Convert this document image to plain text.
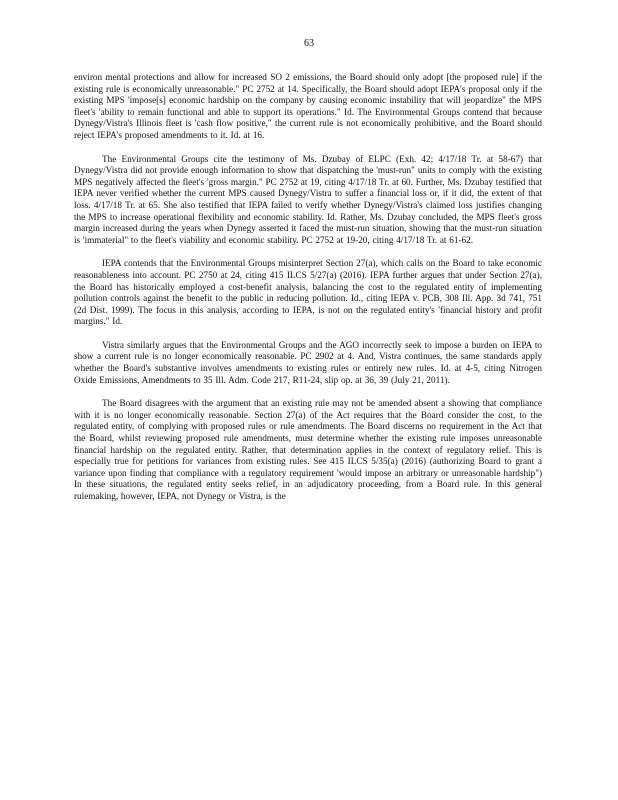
63

environ mental protections and allow for increased SO 2 emissions, the Board should only adopt [the proposed rule] if the existing rule is economically unreasonable." PC 2752 at 14. Specifically, the Board should adopt IEPA's proposal only if the existing MPS 'impose[s] economic hardship on the company by causing economic instability that will jeopardize" the MPS fleet's 'ability to remain functional and able to support its operations." Id. The Environmental Groups contend that because Dynegy/Vistra's Illinois fleet is 'cash flow positive," the current rule is not economically prohibitive, and the Board should reject IEPA's proposed amendments to it. Id. at 16.

The Environmental Groups cite the testimony of Ms. Dzubay of ELPC (Exh. 42; 4/17/18 Tr. at 58-67) that Dynegy/Vistra did not provide enough information to show that dispatching the 'must-run" units to comply with the existing MPS negatively affected the fleet's 'gross margin." PC 2752 at 19, citing 4/17/18 Tr. at 60. Further, Ms. Dzubay testified that IEPA never verified whether the current MPS caused Dynegy/Vistra to suffer a financial loss or, if it did, the extent of that loss. 4/17/18 Tr. at 65. She also testified that IEPA failed to verify whether Dynegy/Vistra's claimed loss justifies changing the MPS to increase operational flexibility and economic stability. Id. Rather, Ms. Dzubay concluded, the MPS fleet's gross margin increased during the years when Dynegy asserted it faced the must-run situation, showing that the must-run situation is 'immaterial" to the fleet's viability and economic stability. PC 2752 at 19-20, citing 4/17/18 Tr. at 61-62.

IEPA contends that the Environmental Groups misinterpret Section 27(a), which calls on the Board to take economic reasonableness into account. PC 2750 at 24, citing 415 ILCS 5/27(a) (2016). IEPA further argues that under Section 27(a), the Board has historically employed a cost-benefit analysis, balancing the cost to the regulated entity of implementing pollution controls against the benefit to the public in reducing pollution. Id., citing IEPA v. PCB, 308 Ill. App. 3d 741, 751 (2d Dist. 1999). The focus in this analysis, according to IEPA, is not on the regulated entity's 'financial history and profit margins." Id.

Vistra similarly argues that the Environmental Groups and the AGO incorrectly seek to impose a burden on IEPA to show a current rule is no longer economically reasonable. PC 2902 at 4. And, Vistra continues, the same standards apply whether the Board's substantive involves amendments to existing rules or entirely new rules. Id. at 4-5, citing Nitrogen Oxide Emissions, Amendments to 35 Ill. Adm. Code 217, R11-24, slip op. at 36, 39 (July 21, 2011).

The Board disagrees with the argument that an existing rule may not be amended absent a showing that compliance with it is no longer economically reasonable. Section 27(a) of the Act requires that the Board consider the cost, to the regulated entity, of complying with proposed rules or rule amendments. The Board discerns no requirement in the Act that the Board, whilst reviewing proposed rule amendments, must determine whether the existing rule imposes unreasonable financial hardship on the regulated entity. Rather, that determination applies in the context of regulatory relief. This is especially true for petitions for variances from existing rules. See 415 ILCS 5/35(a) (2016) (authorizing Board to grant a variance upon finding that compliance with a regulatory requirement 'would impose an arbitrary or unreasonable hardship") In these situations, the regulated entity seeks relief, in an adjudicatory proceeding, from a Board rule. In this general rulemaking, however, IEPA, not Dynegy or Vistra, is the
